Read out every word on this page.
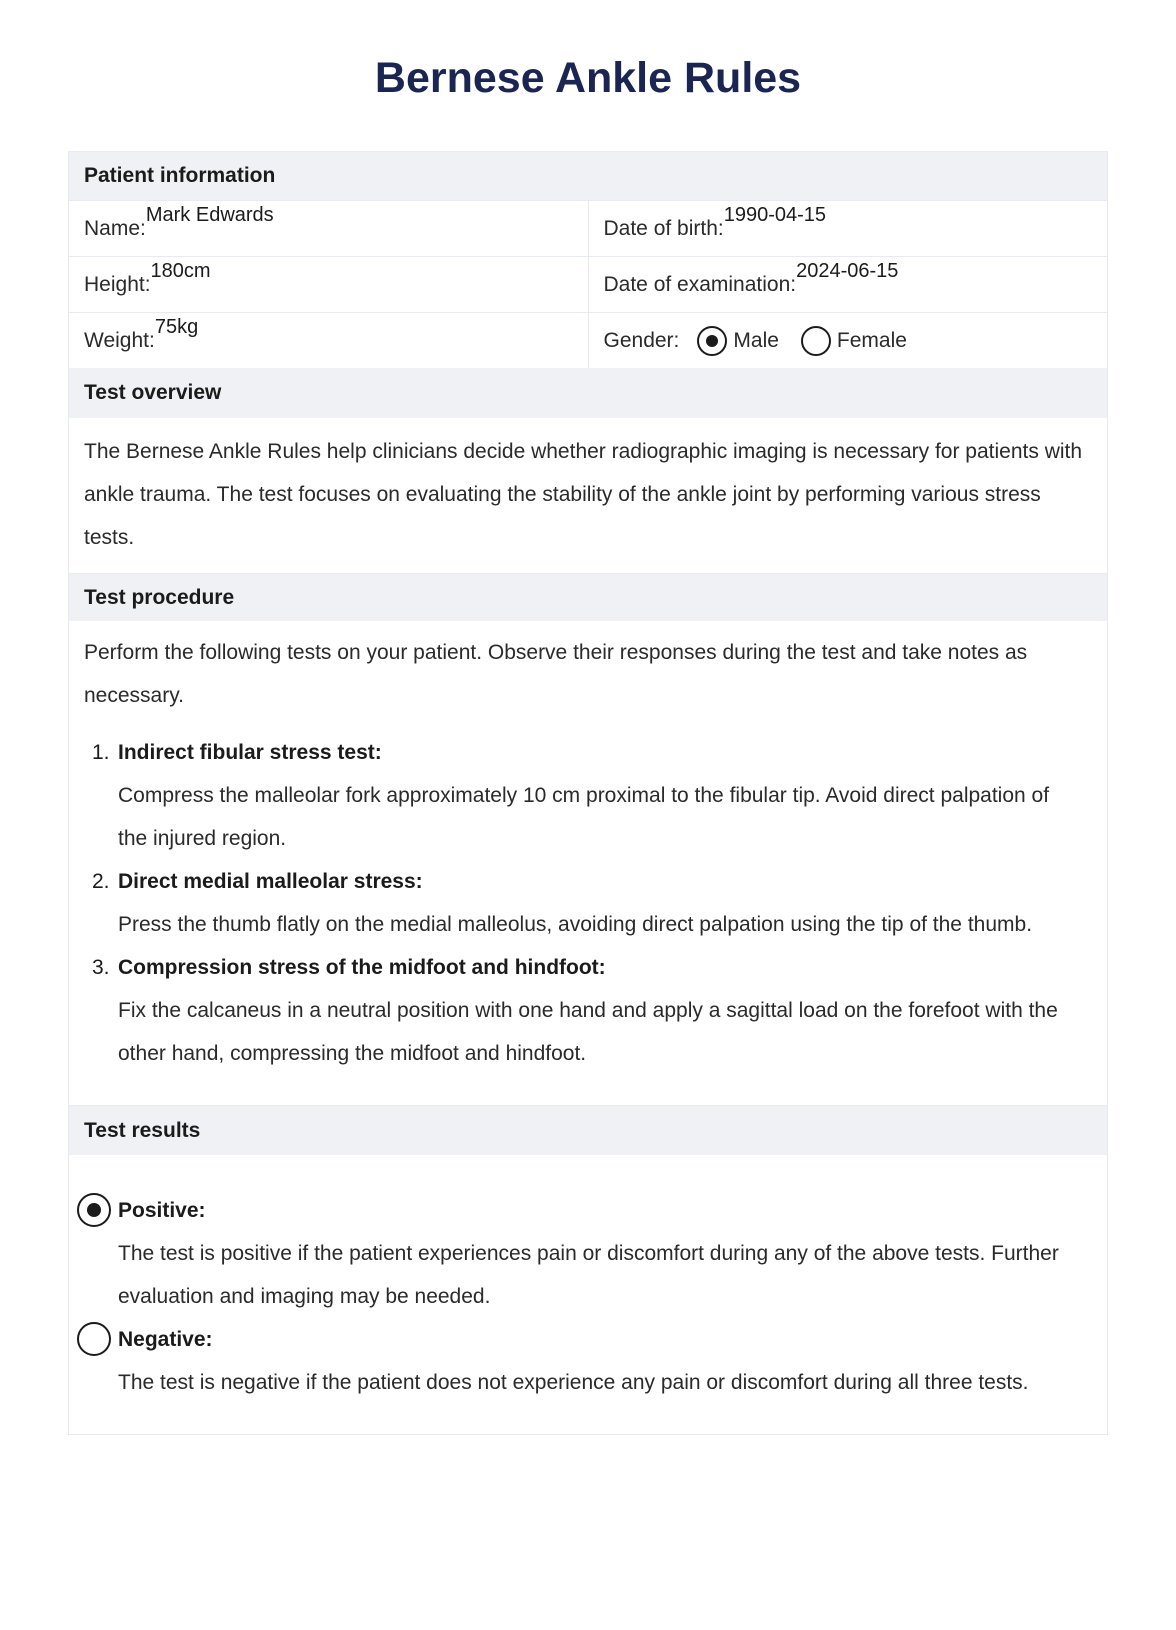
Bernese Ankle Rules
Patient information
Name:
Mark Edwards
Date of birth:
1990-04-15
Height:
180cm
Date of examination:
2024-06-15
Weight:
75kg
Gender:	Male	Female
Test overview
The Bernese Ankle Rules help clinicians decide whether radiographic imaging is necessary for patients with ankle trauma. The test focuses on evaluating the stability of the ankle joint by performing various stress tests.
Test procedure
Perform the following tests on your patient. Observe their responses during the test and take notes as necessary.
1. Indirect fibular stress test:
Compress the malleolar fork approximately 10 cm proximal to the fibular tip. Avoid direct palpation of the injured region.
2. Direct medial malleolar stress:
Press the thumb flatly on the medial malleolus, avoiding direct palpation using the tip of the thumb.
3. Compression stress of the midfoot and hindfoot:
Fix the calcaneus in a neutral position with one hand and apply a sagittal load on the forefoot with the other hand, compressing the midfoot and hindfoot.
Test results
Positive:
The test is positive if the patient experiences pain or discomfort during any of the above tests. Further evaluation and imaging may be needed.
Negative:
The test is negative if the patient does not experience any pain or discomfort during all three tests.
